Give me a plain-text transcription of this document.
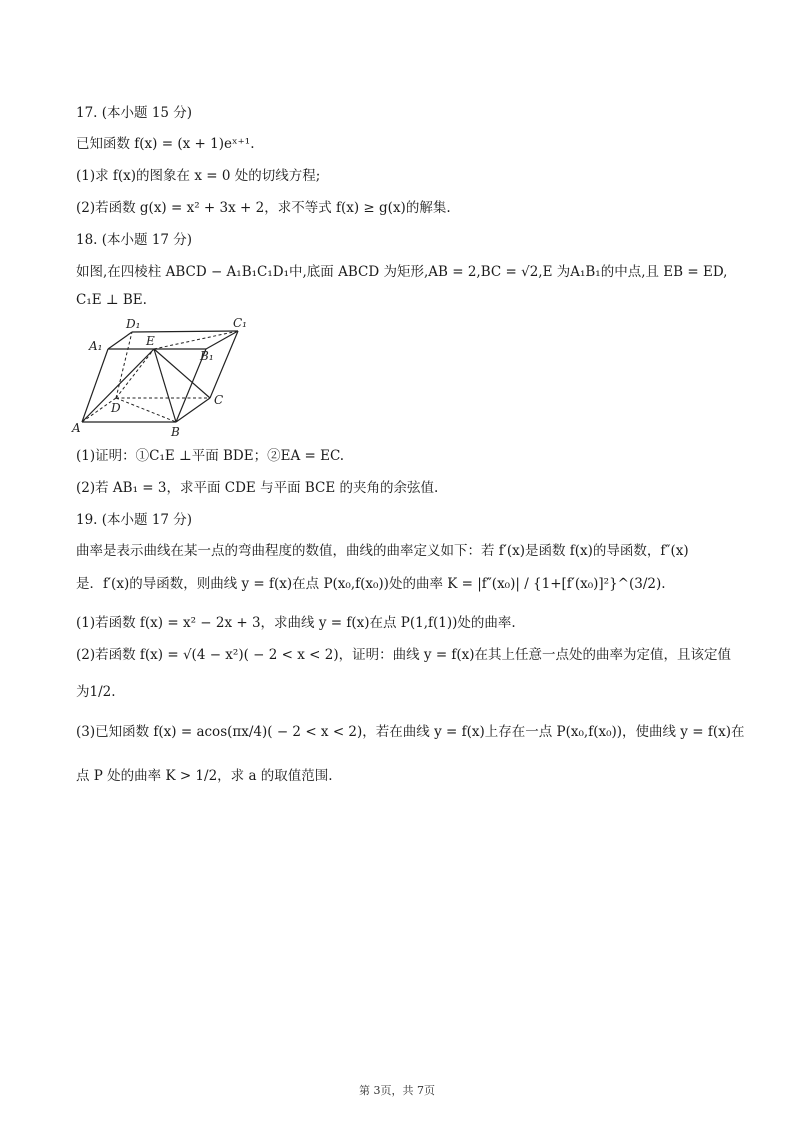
17. (本小题 15 分)
已知函数 f(x) = (x + 1)eˣ⁺¹.
(1)求 f(x)的图象在 x = 0 处的切线方程;
(2)若函数 g(x) = x² + 3x + 2，求不等式 f(x) ≥ g(x)的解集.
18. (本小题 17 分)
如图,在四棱柱 ABCD − A₁B₁C₁D₁中,底面 ABCD 为矩形,AB = 2,BC = √2,E 为A₁B₁的中点,且 EB = ED,
C₁E ⊥ BE.
D₁	C₁
A₁	E
B₁
D
C
A	B
(1)证明：①C₁E ⊥平面 BDE；②EA = EC.
(2)若 AB₁ = 3，求平面 CDE 与平面 BCE 的夹角的余弦值.
19. (本小题 17 分)
曲率是表示曲线在某一点的弯曲程度的数值，曲线的曲率定义如下：若 f′(x)是函数 f(x)的导函数，f″(x)
是．f′(x)的导函数，则曲线 y = f(x)在点 P(x₀,f(x₀))处的曲率 K = |f″(x₀)| / {1+[f′(x₀)]²}^(3/2).
(1)若函数 f(x) = x² − 2x + 3，求曲线 y = f(x)在点 P(1,f(1))处的曲率.
(2)若函数 f(x) = √(4 − x²)( − 2 < x < 2)，证明：曲线 y = f(x)在其上任意一点处的曲率为定值，且该定值
为1/2.
(3)已知函数 f(x) = acos(πx/4)( − 2 < x < 2)，若在曲线 y = f(x)上存在一点 P(x₀,f(x₀))，使曲线 y = f(x)在
点 P 处的曲率 K > 1/2，求 a 的取值范围.
第 3页，共 7页
